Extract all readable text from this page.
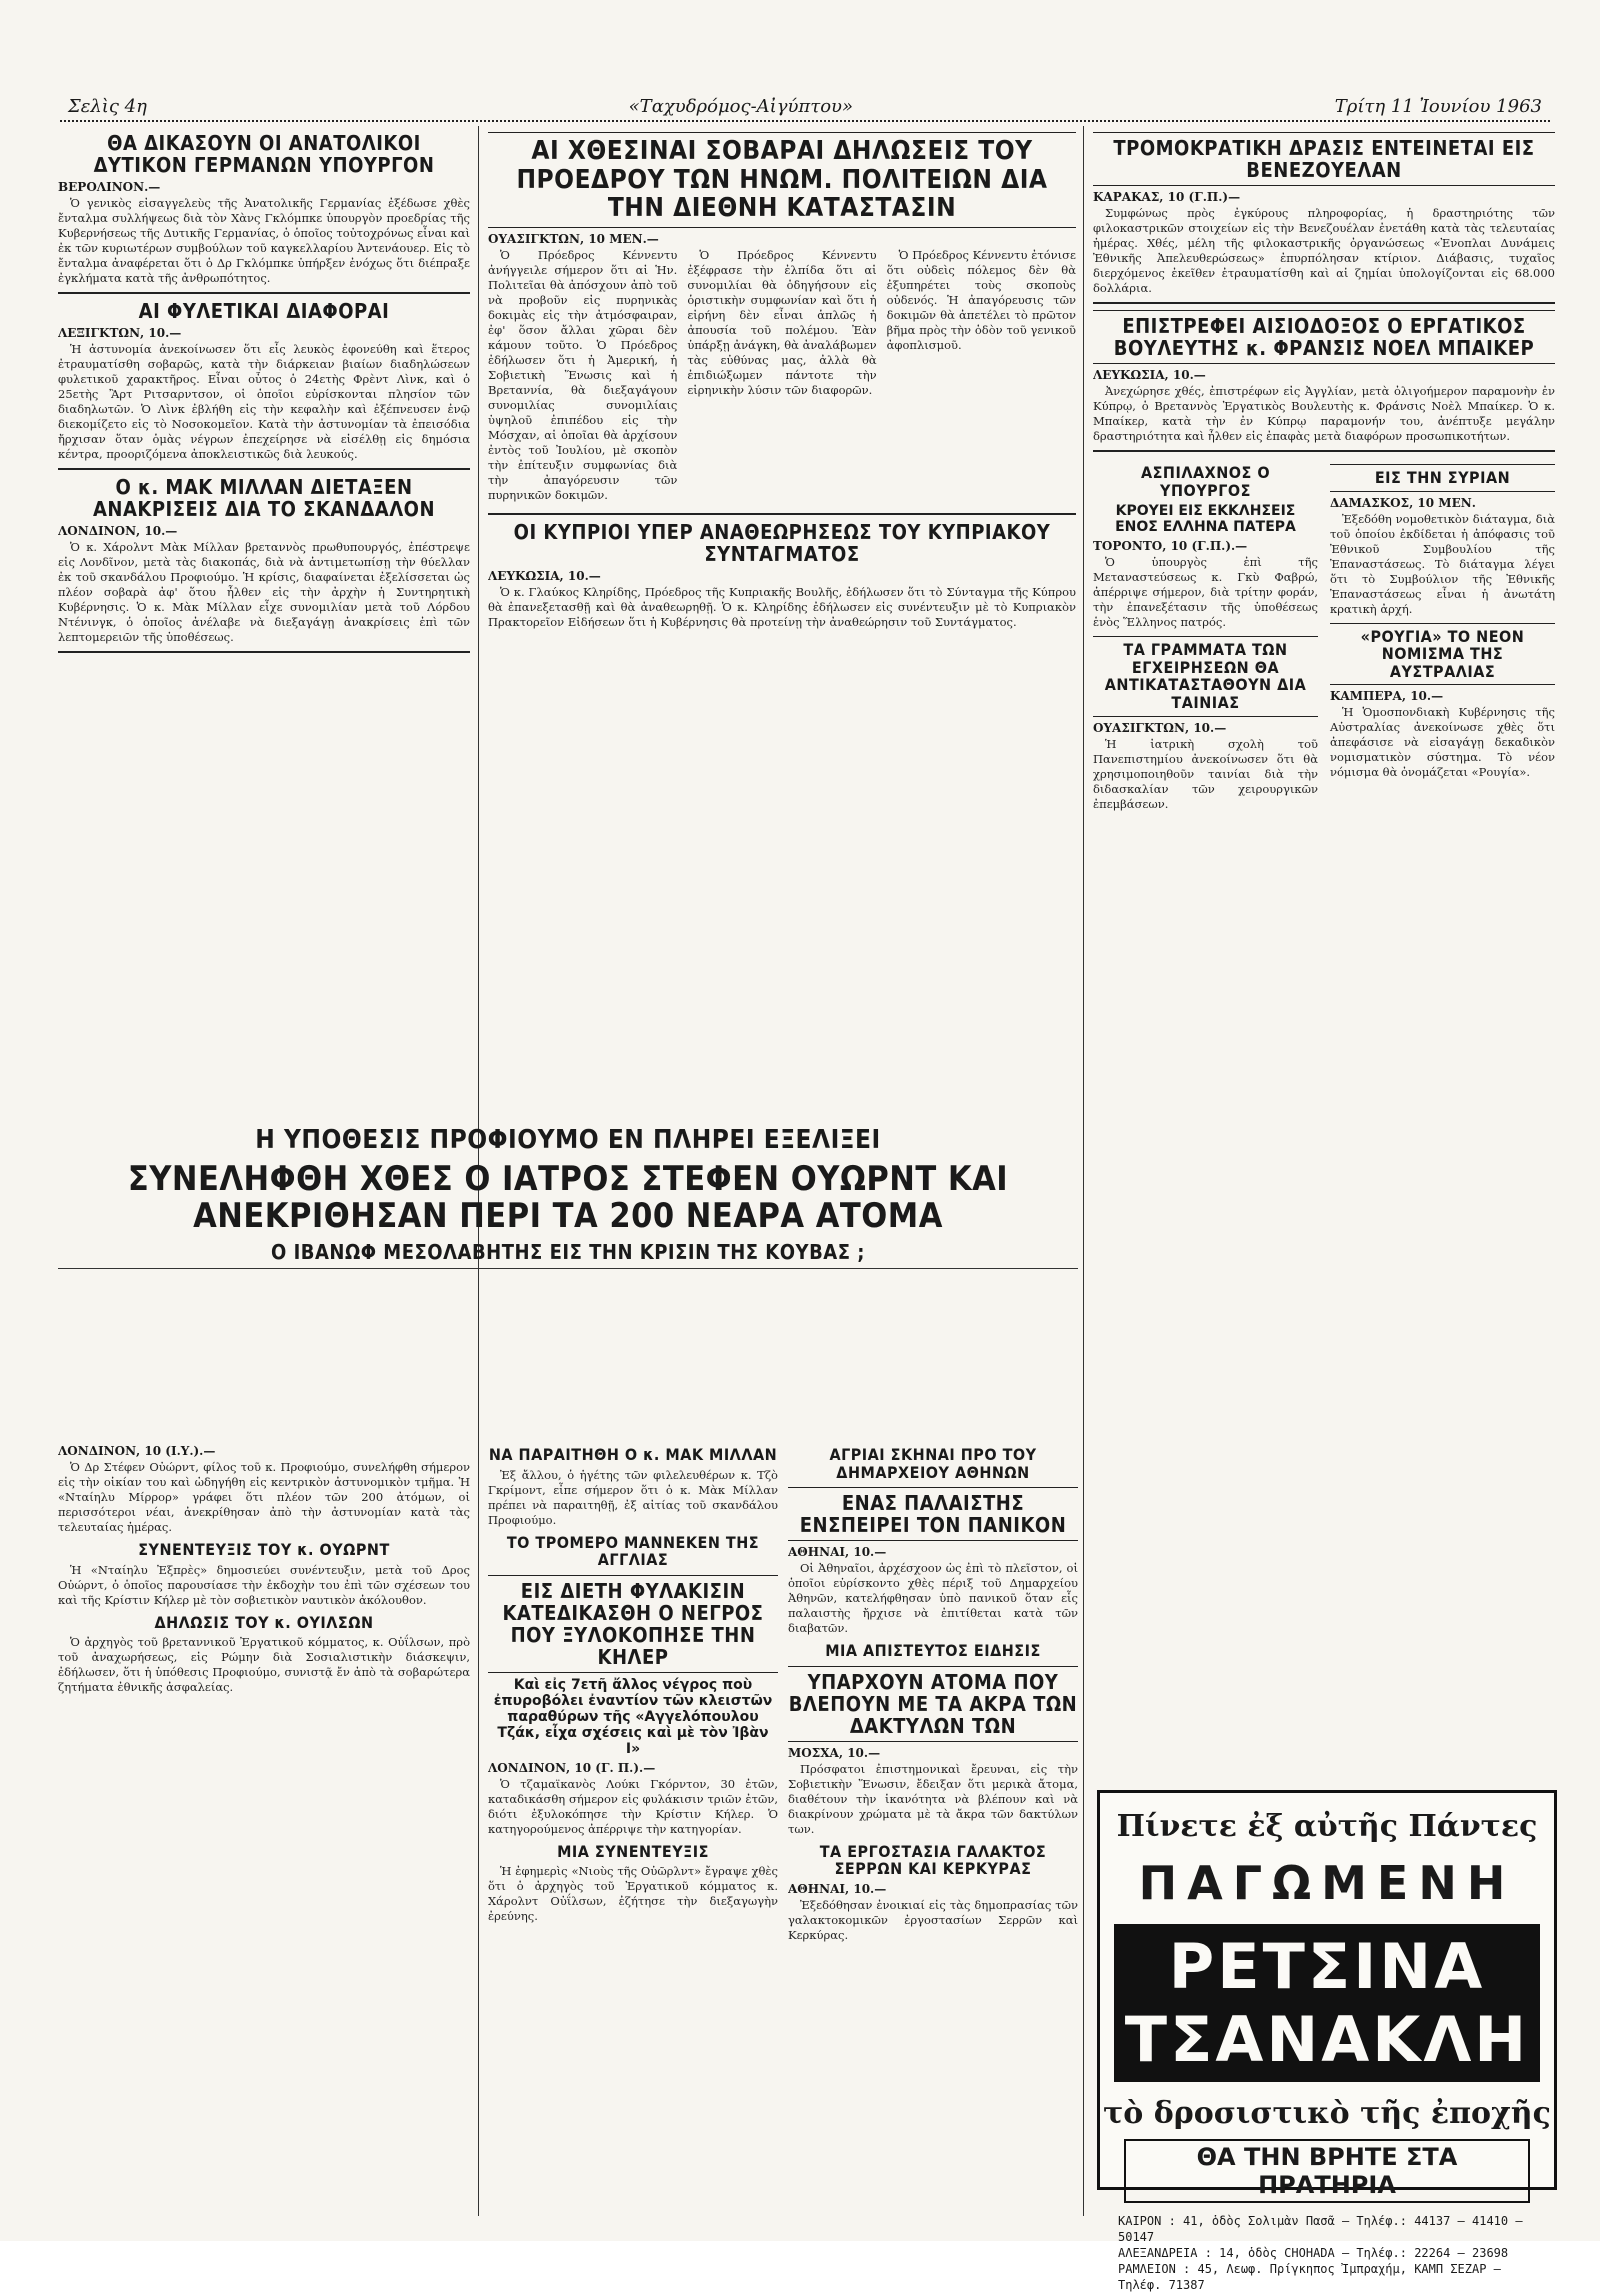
Σελὶς 4η	«Ταχυδρόμος-Αἰγύπτου»	Τρίτη 11 Ἰουνίου 1963
ΘΑ ΔΙΚΑΣΟΥΝ ΟΙ ΑΝΑΤΟΛΙΚΟΙ ΔΥΤΙΚΟΝ ΓΕΡΜΑΝΩΝ ΥΠΟΥΡΓΟΝ
ΒΕΡΟΛΙΝΟΝ.—

Ὁ γενικὸς εἰσαγγελεὺς τῆς Ἀνατολικῆς Γερμανίας ἐξέδωσε χθὲς ἔνταλμα συλλήψεως διὰ τὸν Χὰνς Γκλόμπκε ὑπουργὸν προεδρίας τῆς Κυβερνήσεως τῆς Δυτικῆς Γερμανίας, ὁ ὁποῖος τοὐτοχρόνως εἶναι καὶ ἐκ τῶν κυριωτέρων συμβούλων τοῦ καγκελλαρίου Ἀντενάουερ. Εἰς τὸ ἔνταλμα ἀναφέρεται ὅτι ὁ Δρ Γκλόμπκε ὑπήρξεν ἐνόχως ὅτι διέπραξε ἐγκλήματα κατὰ τῆς ἀνθρωπότητος.

ΑΙ ΦΥΛΕΤΙΚΑΙ ΔΙΑΦΟΡΑΙ
ΛΕΞΙΓΚΤΩΝ, 10.—

Ἡ ἀστυνομία ἀνεκοίνωσεν ὅτι εἷς λευκὸς ἐφονεύθη καὶ ἕτερος ἐτραυματίσθη σοβαρῶς, κατὰ τὴν διάρκειαν βιαίων διαδηλώσεων φυλετικοῦ χαρακτῆρος. Εἶναι οὗτος ὁ 24ετὴς Φρὲντ Λὶνκ, καὶ ὁ 25ετὴς Ἂρτ Ριτσαρντσον, οἱ ὁποῖοι εὑρίσκονται πλησίον τῶν διαδηλωτῶν. Ὁ Λὶνκ ἐβλήθη εἰς τὴν κεφαλὴν καὶ ἐξέπνευσεν ἐνῷ διεκομίζετο εἰς τὸ Νοσοκομεῖον. Κατὰ τὴν ἀστυνομίαν τὰ ἐπεισόδια ἤρχισαν ὅταν ὁμὰς νέγρων ἐπεχείρησε νὰ εἰσέλθῃ εἰς δημόσια κέντρα, προοριζόμενα ἀποκλειστικῶς διὰ λευκούς.

Ο κ. ΜΑΚ ΜΙΛΛΑΝ ΔΙΕΤΑΞΕΝ ΑΝΑΚΡΙΣΕΙΣ ΔΙΑ ΤΟ ΣΚΑΝΔΑΛΟΝ
ΛΟΝΔΙΝΟΝ, 10.—

Ὁ κ. Χάρολντ Μὰκ Μίλλαν βρεταννὸς πρωθυπουργός, ἐπέστρεψε εἰς Λονδῖνον, μετὰ τὰς διακοπάς, διὰ νὰ ἀντιμετωπίσῃ τὴν θύελλαν ἐκ τοῦ σκανδάλου Προφιούμο. Ἡ κρίσις, διαφαίνεται ἐξελίσσεται ὡς πλέον σοβαρὰ ἀφ' ὅτου ἦλθεν εἰς τὴν ἀρχὴν ἡ Συντηρητικὴ Κυβέρνησις. Ὁ κ. Μὰκ Μίλλαν εἶχε συνομιλίαν μετὰ τοῦ Λόρδου Ντένινγκ, ὁ ὁποῖος ἀνέλαβε νὰ διεξαγάγῃ ἀνακρίσεις ἐπὶ τῶν λεπτομερειῶν τῆς ὑποθέσεως.

Η ΥΠΟΘΕΣΙΣ ΠΡΟΦΙΟΥΜΟ ΕΝ ΠΛΗΡΕΙ ΕΞΕΛΙΞΕΙ
ΣΥΝΕΛΗΦΘΗ ΧΘΕΣ Ο ΙΑΤΡΟΣ ΣΤΕΦΕΝ ΟΥΩΡΝΤ ΚΑΙ ΑΝΕΚΡΙΘΗΣΑΝ ΠΕΡΙ ΤΑ 200 ΝΕΑΡΑ ΑΤΟΜΑ
Ο ΙΒΑΝΩΦ ΜΕΣΟΛΑΒΗΤΗΣ ΕΙΣ ΤΗΝ ΚΡΙΣΙΝ ΤΗΣ ΚΟΥΒΑΣ ;
ΛΟΝΔΙΝΟΝ, 10 (Ι.Υ.).—

Ὁ Δρ Στέφεν Οὐώρντ, φίλος τοῦ κ. Προφιούμο, συνελήφθη σήμερον εἰς τὴν οἰκίαν του καὶ ὡδηγήθη εἰς κεντρικὸν ἀστυνομικὸν τμῆμα. Ἡ «Νταίηλυ Μίρρορ» γράφει ὅτι πλέον τῶν 200 ἀτόμων, οἱ περισσότεροι νέαι, ἀνεκρίθησαν ἀπὸ τὴν ἀστυνομίαν κατὰ τὰς τελευταίας ἡμέρας.

ΣΥΝΕΝΤΕΥΞΙΣ ΤΟΥ κ. ΟΥΩΡΝΤ

Ἡ «Νταίηλυ Ἐξπρὲς» δημοσιεύει συνέντευξιν, μετὰ τοῦ Δρος Οὐώρντ, ὁ ὁποῖος παρουσίασε τὴν ἐκδοχὴν του ἐπὶ τῶν σχέσεων του καὶ τῆς Κρίστιν Κήλερ μὲ τὸν σοβιετικὸν ναυτικὸν ἀκόλουθον.

ΔΗΛΩΣΙΣ ΤΟΥ κ. ΟΥΙΛΣΩΝ

Ὁ ἀρχηγὸς τοῦ βρεταννικοῦ Ἐργατικοῦ κόμματος, κ. Οὐΐλσων, πρὸ τοῦ ἀναχωρήσεως, εἰς Ρώμην διὰ Σοσιαλιστικὴν διάσκεψιν, ἐδήλωσεν, ὅτι ἡ ὑπόθεσις Προφιούμο, συνιστᾷ ἔν ἀπὸ τὰ σοβαρώτερα ζητήματα ἐθνικῆς ἀσφαλείας.

ΑΙ ΧΘΕΣΙΝΑΙ ΣΟΒΑΡΑΙ ΔΗΛΩΣΕΙΣ ΤΟΥ ΠΡΟΕΔΡΟΥ ΤΩΝ ΗΝΩΜ. ΠΟΛΙΤΕΙΩΝ ΔΙΑ ΤΗΝ ΔΙΕΘΝΗ ΚΑΤΑΣΤΑΣΙΝ
ΟΥΑΣΙΓΚΤΩΝ, 10 ΜΕΝ.—

Ὁ Πρόεδρος Κέννεντυ ἀνήγγειλε σήμερον ὅτι αἱ Ἡν. Πολιτεῖαι θὰ ἀπόσχουν ἀπὸ τοῦ νὰ προβοῦν εἰς πυρηνικὰς δοκιμὰς εἰς τὴν ἀτμόσφαιραν, ἐφ' ὅσον ἄλλαι χῶραι δὲν κάμουν τοῦτο. Ὁ Πρόεδρος ἐδήλωσεν ὅτι ἡ Ἀμερική, ἡ Σοβιετικὴ Ἕνωσις καὶ ἡ Βρεταννία, θὰ διεξαγάγουν συνομιλίας συνομιλίαις ὑψηλοῦ ἐπιπέδου εἰς τὴν Μόσχαν, αἱ ὁποῖαι θὰ ἀρχίσουν ἐντὸς τοῦ Ἰουλίου, μὲ σκοπὸν τὴν ἐπίτευξιν συμφωνίας διὰ τὴν ἀπαγόρευσιν τῶν πυρηνικῶν δοκιμῶν.

Ὁ Πρόεδρος Κέννεντυ ἐξέφρασε τὴν ἐλπίδα ὅτι αἱ συνομιλίαι θὰ ὁδηγήσουν εἰς ὁριστικὴν συμφωνίαν καὶ ὅτι ἡ εἰρήνη δὲν εἶναι ἁπλῶς ἡ ἀπουσία τοῦ πολέμου. Ἐὰν ὑπάρξῃ ἀνάγκη, θὰ ἀναλάβωμεν τὰς εὐθύνας μας, ἀλλὰ θὰ ἐπιδιώξωμεν πάντοτε τὴν εἰρηνικὴν λύσιν τῶν διαφορῶν.

Ὁ Πρόεδρος Κέννεντυ ἐτόνισε ὅτι οὐδεὶς πόλεμος δὲν θὰ ἐξυπηρέτει τοὺς σκοποὺς οὐδενός. Ἡ ἀπαγόρευσις τῶν δοκιμῶν θὰ ἀπετέλει τὸ πρῶτον βῆμα πρὸς τὴν ὁδὸν τοῦ γενικοῦ ἀφοπλισμοῦ.

ΟΙ ΚΥΠΡΙΟΙ ΥΠΕΡ ΑΝΑΘΕΩΡΗΣΕΩΣ ΤΟΥ ΚΥΠΡΙΑΚΟΥ ΣΥΝΤΑΓΜΑΤΟΣ
ΛΕΥΚΩΣΙΑ, 10.—

Ὁ κ. Γλαύκος Κληρίδης, Πρόεδρος τῆς Κυπριακῆς Βουλῆς, ἐδήλωσεν ὅτι τὸ Σύνταγμα τῆς Κύπρου θὰ ἐπανεξετασθῇ καὶ θὰ ἀναθεωρηθῇ. Ὁ κ. Κληρίδης ἐδήλωσεν εἰς συνέντευξιν μὲ τὸ Κυπριακὸν Πρακτορεῖον Εἰδήσεων ὅτι ἡ Κυβέρνησις θὰ προτείνῃ τὴν ἀναθεώρησιν τοῦ Συντάγματος.

ΝΑ ΠΑΡΑΙΤΗΘΗ Ο κ. ΜΑΚ ΜΙΛΛΑΝ

Ἐξ ἄλλου, ὁ ἡγέτης τῶν φιλελευθέρων κ. Τζὸ Γκρίμοντ, εἶπε σήμερον ὅτι ὁ κ. Μὰκ Μίλλαν πρέπει νὰ παραιτηθῇ, ἐξ αἰτίας τοῦ σκανδάλου Προφιούμο.

ΤΟ ΤΡΟΜΕΡΟ ΜΑΝΝΕΚΕΝ ΤΗΣ ΑΓΓΛΙΑΣ
ΕΙΣ ΔΙΕΤΗ ΦΥΛΑΚΙΣΙΝ ΚΑΤΕΔΙΚΑΣΘΗ Ο ΝΕΓΡΟΣ ΠΟΥ ΞΥΛΟΚΟΠΗΣΕ ΤΗΝ ΚΗΛΕΡ
Καὶ εἰς 7ετῆ ἄλλος νέγρος ποὺ ἐπυροβόλει ἐναντίον τῶν κλειστῶν παραθύρων τῆς «Αγγελόπουλου Τζάκ, εἶχα σχέσεις καὶ μὲ τὸν Ἰβὰν Ι»
ΛΟΝΔΙΝΟΝ, 10 (Γ. Π.).—

Ὁ τζαμαϊκανὸς Λούκι Γκόρντον, 30 ἐτῶν, καταδικάσθη σήμερον εἰς φυλάκισιν τριῶν ἐτῶν, διότι ἐξυλοκόπησε τὴν Κρίστιν Κήλερ. Ὁ κατηγορούμενος ἀπέρριψε τὴν κατηγορίαν.

ΜΙΑ ΣΥΝΕΝΤΕΥΞΙΣ

Ἡ ἐφημερὶς «Νιοὺς τῆς Οὐῶρλντ» ἔγραψε χθὲς ὅτι ὁ ἀρχηγὸς τοῦ Ἐργατικοῦ κόμματος κ. Χάρολντ Οὐΐλσων, ἐζήτησε τὴν διεξαγωγὴν ἐρεύνης.

ΑΓΡΙΑΙ ΣΚΗΝΑΙ ΠΡΟ ΤΟΥ ΔΗΜΑΡΧΕΙΟΥ ΑΘΗΝΩΝ
ΕΝΑΣ ΠΑΛΑΙΣΤΗΣ ΕΝΣΠΕΙΡΕΙ ΤΟΝ ΠΑΝΙΚΟΝ
ΑΘΗΝΑΙ, 10.—

Οἱ Ἀθηναῖοι, ἀρχέσχοον ὡς ἐπὶ τὸ πλεῖστον, οἱ ὁποῖοι εὑρίσκοντο χθὲς πέριξ τοῦ Δημαρχείου Ἀθηνῶν, κατελήφθησαν ὑπὸ πανικοῦ ὅταν εἷς παλαιστὴς ἤρχισε νὰ ἐπιτίθεται κατὰ τῶν διαβατῶν.

ΜΙΑ ΑΠΙΣΤΕΥΤΟΣ ΕΙΔΗΣΙΣ
ΥΠΑΡΧΟΥΝ ΑΤΟΜΑ ΠΟΥ ΒΛΕΠΟΥΝ ΜΕ ΤΑ ΑΚΡΑ ΤΩΝ ΔΑΚΤΥΛΩΝ ΤΩΝ
ΜΟΣΧΑ, 10.—

Πρόσφατοι ἐπιστημονικαὶ ἔρευναι, εἰς τὴν Σοβιετικὴν Ἕνωσιν, ἔδειξαν ὅτι μερικὰ ἄτομα, διαθέτουν τὴν ἱκανότητα νὰ βλέπουν καὶ νὰ διακρίνουν χρώματα μὲ τὰ ἄκρα τῶν δακτύλων των.

ΤΑ ΕΡΓΟΣΤΑΣΙΑ ΓΑΛΑΚΤΟΣ ΣΕΡΡΩΝ ΚΑΙ ΚΕΡΚΥΡΑΣ
ΑΘΗΝΑΙ, 10.—

Ἐξεδόθησαν ἐνοικιαί εἰς τὰς δημοπρασίας τῶν γαλακτοκομικῶν ἐργοστασίων Σερρῶν καὶ Κερκύρας.

ΤΡΟΜΟΚΡΑΤΙΚΗ ΔΡΑΣΙΣ ΕΝΤΕΙΝΕΤΑΙ ΕΙΣ ΒΕΝΕΖΟΥΕΛΑΝ
ΚΑΡΑΚΑΣ, 10 (Γ.Π.)—

Συμφώνως πρὸς ἐγκύρους πληροφορίας, ἡ δραστηριότης τῶν φιλοκαστρικῶν στοιχείων εἰς τὴν Βενεζουέλαν ἐνετάθη κατὰ τὰς τελευταίας ἡμέρας. Χθές, μέλη τῆς φιλοκαστρικῆς ὀργανώσεως «Ἐνοπλαι Δυνάμεις Ἐθνικῆς Ἀπελευθερώσεως» ἐπυρπόλησαν κτίριον. Διάβασις, τυχαῖος διερχόμενος ἐκεῖθεν ἐτραυματίσθη καὶ αἱ ζημίαι ὑπολογίζονται εἰς 68.000 δολλάρια.

ΕΠΙΣΤΡΕΦΕΙ ΑΙΣΙΟΔΟΞΟΣ Ο ΕΡΓΑΤΙΚΟΣ ΒΟΥΛΕΥΤΗΣ κ. ΦΡΑΝΣΙΣ ΝΟΕΛ ΜΠΑΙΚΕΡ
ΛΕΥΚΩΣΙΑ, 10.—

Ἀνεχώρησε χθές, ἐπιστρέφων εἰς Ἀγγλίαν, μετὰ ὀλιγοήμερον παραμονὴν ἐν Κύπρῳ, ὁ Βρεταννὸς Ἐργατικὸς Βουλευτὴς κ. Φράνσις Νοὲλ Μπαίκερ. Ὁ κ. Μπαίκερ, κατὰ τὴν ἐν Κύπρῳ παραμονήν του, ἀνέπτυξε μεγάλην δραστηριότητα καὶ ἦλθεν εἰς ἐπαφὰς μετὰ διαφόρων προσωπικοτήτων.

ΑΣΠΙΛΑΧΝΟΣ Ο ΥΠΟΥΡΓΟΣ
ΚΡΟΥΕΙ ΕΙΣ ΕΚΚΛΗΣΕΙΣ ΕΝΟΣ ΕΛΛΗΝΑ ΠΑΤΕΡΑ
ΤΟΡΟΝΤΟ, 10 (Γ.Π.).—

Ὁ ὑπουργὸς ἐπὶ τῆς Μεταναστεύσεως κ. Γκὺ Φαβρώ, ἀπέρριψε σήμερον, διὰ τρίτην φοράν, τὴν ἐπανεξέτασιν τῆς ὑποθέσεως ἑνὸς Ἕλληνος πατρός.

ΤΑ ΓΡΑΜΜΑΤΑ ΤΩΝ ΕΓΧΕΙΡΗΣΕΩΝ ΘΑ ΑΝΤΙΚΑΤΑΣΤΑΘΟΥΝ ΔΙΑ ΤΑΙΝΙΑΣ
ΟΥΑΣΙΓΚΤΩΝ, 10.—

Ἡ ἰατρικὴ σχολὴ τοῦ Πανεπιστημίου ἀνεκοίνωσεν ὅτι θὰ χρησιμοποιηθοῦν ταινίαι διὰ τὴν διδασκαλίαν τῶν χειρουργικῶν ἐπεμβάσεων.

ΕΙΣ ΤΗΝ ΣΥΡΙΑΝ
ΔΑΜΑΣΚΟΣ, 10 ΜΕΝ.

Ἐξεδόθη νομοθετικὸν διάταγμα, διὰ τοῦ ὁποίου ἐκδίδεται ἡ ἀπόφασις τοῦ Ἐθνικοῦ Συμβουλίου τῆς Ἐπαναστάσεως. Τὸ διάταγμα λέγει ὅτι τὸ Συμβούλιον τῆς Ἐθνικῆς Ἐπαναστάσεως εἶναι ἡ ἀνωτάτη κρατικὴ ἀρχή.

«ΡΟΥΓΙΑ» ΤΟ ΝΕΟΝ ΝΟΜΙΣΜΑ ΤΗΣ ΑΥΣΤΡΑΛΙΑΣ
ΚΑΜΠΕΡΑ, 10.—

Ἡ Ὁμοσπονδιακὴ Κυβέρνησις τῆς Αὐστραλίας ἀνεκοίνωσε χθὲς ὅτι ἀπεφάσισε νὰ εἰσαγάγῃ δεκαδικὸν νομισματικὸν σύστημα. Τὸ νέον νόμισμα θὰ ὀνομάζεται «Ρουγία».

Πίνετε ἐξ αὐτῆς Πάντες
ΠΑΓΩΜΕΝΗ
ΡΕΤΣΙΝΑ ΤΣΑΝΑΚΛΗ
τὸ δροσιστικὸ τῆς ἐποχῆς
ΘΑ ΤΗΝ ΒΡΗΤΕ ΣΤΑ ΠΡΑΤΗΡΙΑ
ΚΑΙΡΟΝ : 41, ὁδὸς Σολιμὰν Πασᾶ — Τηλέφ.: 44137 — 41410 — 50147
ΑΛΕΞΑΝΔΡΕΙΑ : 14, ὁδὸς CHOHADA — Τηλέφ.: 22264 — 23698
ΡΑΜΛΕΙΟΝ : 45, Λεωφ. Πρίγκηπος Ἰμπραχήμ, ΚΑΜΠ ΣΕΖΑΡ — Τηλέφ. 71387
